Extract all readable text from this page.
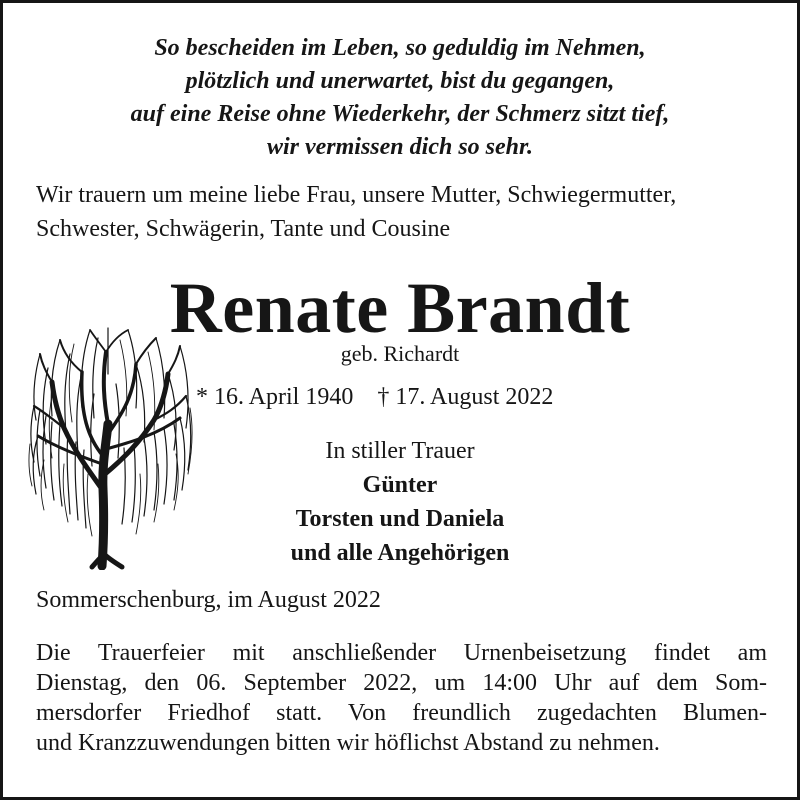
So bescheiden im Leben, so geduldig im Nehmen,
plötzlich und unerwartet, bist du gegangen,
auf eine Reise ohne Wiederkehr, der Schmerz sitzt tief,
wir vermissen dich so sehr.
Wir trauern um meine liebe Frau, unsere Mutter, Schwiegermutter,
Schwester, Schwägerin, Tante und Cousine
Renate Brandt
geb. Richardt
* 16. April 1940 † 17. August 2022
In stiller Trauer
Günter
Torsten und Daniela
und alle Angehörigen
Sommerschenburg, im August 2022
Die Trauerfeier mit anschließender Urnenbeisetzung findet am
Dienstag, den 06. September 2022, um 14:00 Uhr auf dem Som-
mersdorfer Friedhof statt. Von freundlich zugedachten Blumen-
und Kranzzuwendungen bitten wir höflichst Abstand zu nehmen.
